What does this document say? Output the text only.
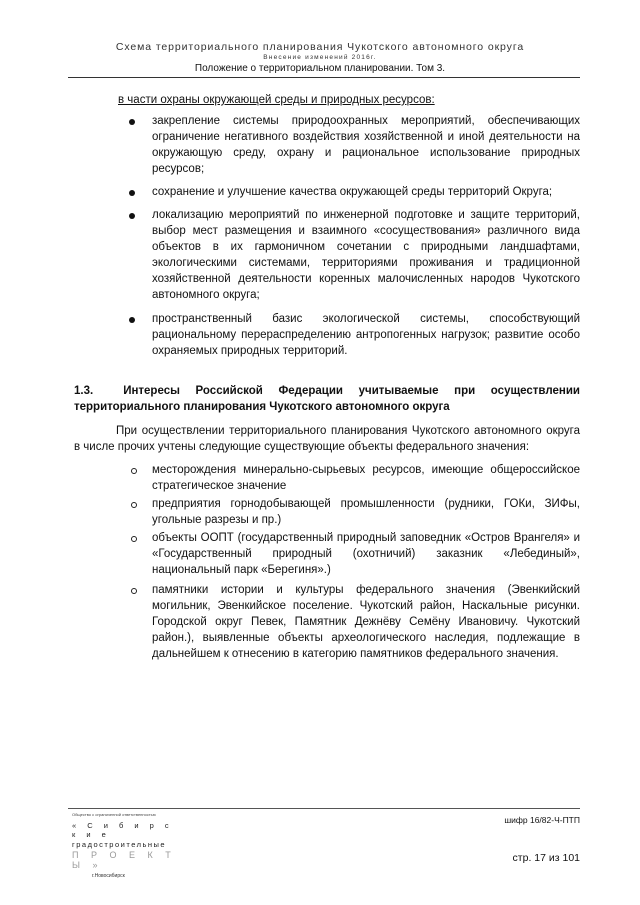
Схема территориального планирования Чукотского автономного округа
Внесение изменений 2016г.
Положение о территориальном планировании. Том 3.
в части охраны окружающей среды и природных ресурсов:
закрепление системы природоохранных мероприятий, обеспечивающих ограничение негативного воздействия хозяйственной и иной деятельности на окружающую среду, охрану и рациональное использование природных ресурсов;
сохранение и улучшение качества окружающей среды территорий Округа;
локализацию мероприятий по инженерной подготовке и защите территорий, выбор мест размещения и взаимного «сосуществования» различного вида объектов в их гармоничном сочетании с природными ландшафтами, экологическими системами, территориями проживания и традиционной хозяйственной деятельности коренных малочисленных народов Чукотского автономного округа;
пространственный базис экологической системы, способствующий рациональному перераспределению антропогенных нагрузок; развитие особо охраняемых природных территорий.
1.3.	Интересы Российской Федерации учитываемые при осуществлении территориального планирования Чукотского автономного округа
При осуществлении территориального планирования Чукотского автономного округа в числе прочих учтены следующие существующие объекты федерального значения:
месторождения минерально-сырьевых ресурсов, имеющие общероссийское стратегическое значение
предприятия горнодобывающей промышленности (рудники, ГОКи, ЗИФы, угольные разрезы и пр.)
объекты ООПТ (государственный природный заповедник «Остров Врангеля» и «Государственный природный (охотничий) заказник «Лебединый», национальный парк «Берегиня».)
памятники истории и культуры федерального значения (Эвенкийский могильник, Эвенкийское поселение. Чукотский район, Наскальные рисунки. Городской округ Певек, Памятник Дежнёву Семёну Ивановичу. Чукотский район.), выявленные объекты археологического наследия, подлежащие в дальнейшем к отнесению в категорию памятников федерального значения.
Общество с ограниченной ответственностью
« С и б и р с к и е
градостроительные
П Р О Е К Т Ы »
г.Новосибирск
шифр 16/82-Ч-ПТП
стр. 17 из 101
